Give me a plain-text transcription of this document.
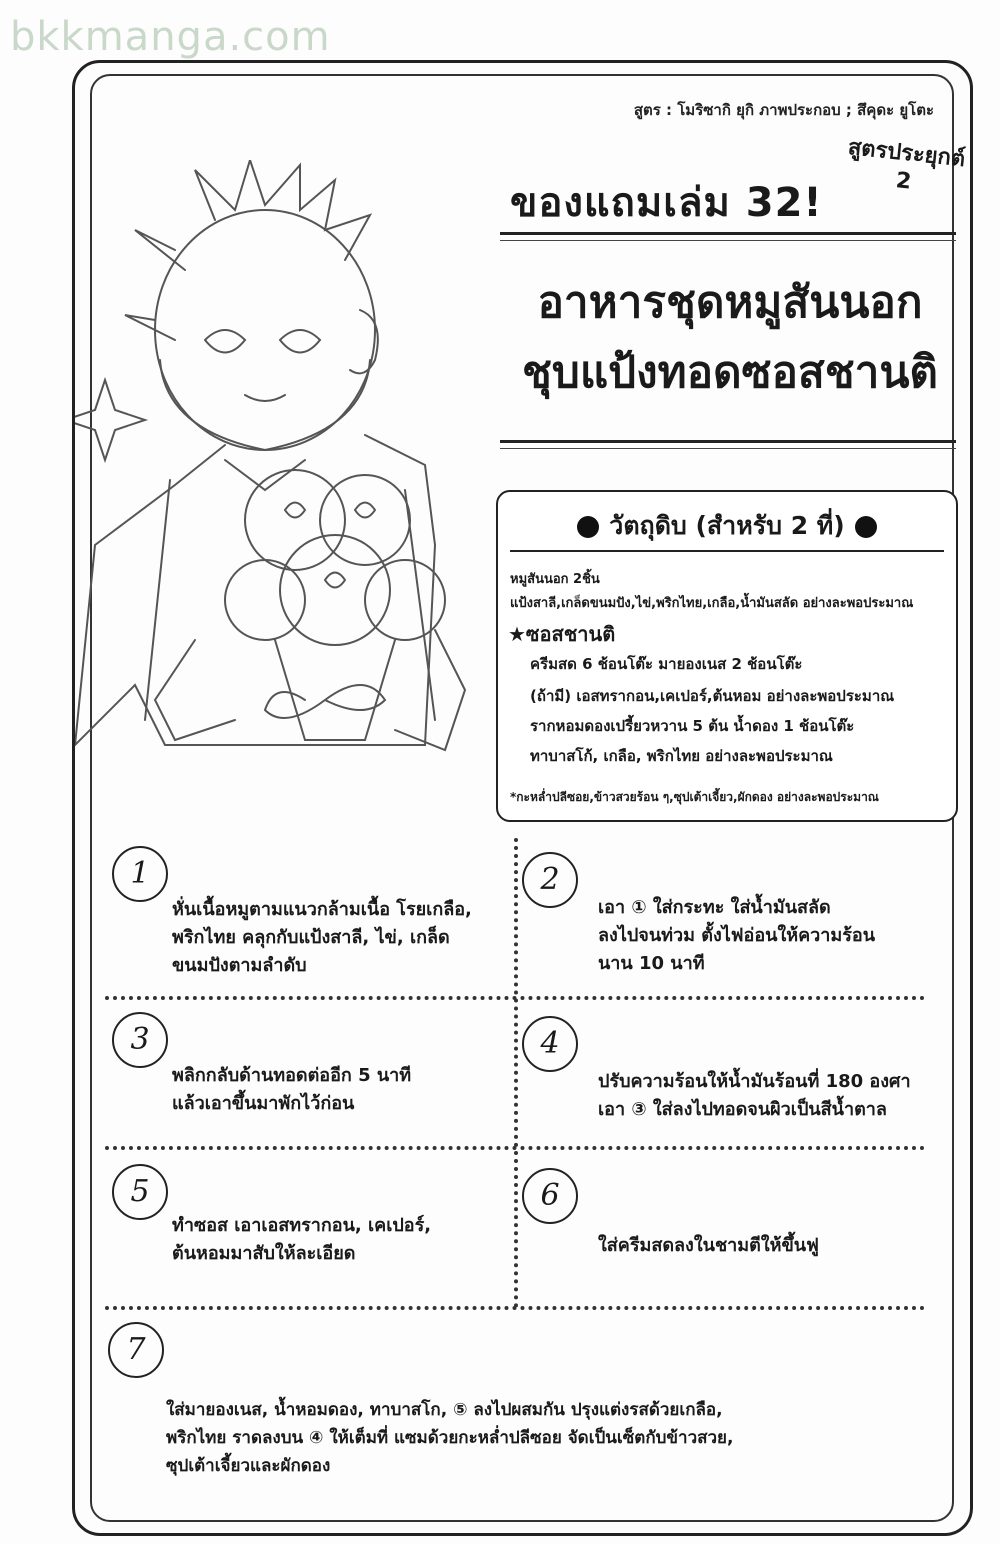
bkkmanga.com
สูตร : โมริซากิ ยุกิ ภาพประกอบ ; สึคุดะ ยูโตะ
สูตรประยุกต์
2
ของแถมเล่ม 32!
อาหารชุดหมูสันนอก
ชุบแป้งทอดซอสชานติ
วัตถุดิบ (สำหรับ 2 ที่)
หมูสันนอก 2ชิ้น
แป้งสาลี,เกล็ดขนมปัง,ไข่,พริกไทย,เกลือ,น้ำมันสลัด อย่างละพอประมาณ
★ซอสชานติ
ครีมสด 6 ช้อนโต๊ะ มายองเนส 2 ช้อนโต๊ะ
(ถ้ามี) เอสทรากอน,เคเปอร์,ต้นหอม อย่างละพอประมาณ
รากหอมดองเปรี้ยวหวาน 5 ต้น น้ำดอง 1 ช้อนโต๊ะ
ทาบาสโก้, เกลือ, พริกไทย อย่างละพอประมาณ
*กะหล่ำปลีซอย,ข้าวสวยร้อน ๆ,ซุปเต้าเจี้ยว,ผักดอง อย่างละพอประมาณ
1
หั่นเนื้อหมูตามแนวกล้ามเนื้อ โรยเกลือ,
พริกไทย คลุกกับแป้งสาลี, ไข่, เกล็ด
ขนมปังตามลำดับ
2
เอา ① ใส่กระทะ ใส่น้ำมันสลัด
ลงไปจนท่วม ตั้งไฟอ่อนให้ความร้อน
นาน 10 นาที
3
พลิกกลับด้านทอดต่ออีก 5 นาที
แล้วเอาขึ้นมาพักไว้ก่อน
4
ปรับความร้อนให้น้ำมันร้อนที่ 180 องศา
เอา ③ ใส่ลงไปทอดจนผิวเป็นสีน้ำตาล
5
ทำซอส เอาเอสทรากอน, เคเปอร์,
ต้นหอมมาสับให้ละเอียด
6
ใส่ครีมสดลงในชามตีให้ขึ้นฟู
7
ใส่มายองเนส, น้ำหอมดอง, ทาบาสโก, ⑤ ลงไปผสมกัน ปรุงแต่งรสด้วยเกลือ,
พริกไทย ราดลงบน ④ ให้เต็มที่ แซมด้วยกะหล่ำปลีซอย จัดเป็นเซ็ตกับข้าวสวย,
ซุปเต้าเจี้ยวและผักดอง
